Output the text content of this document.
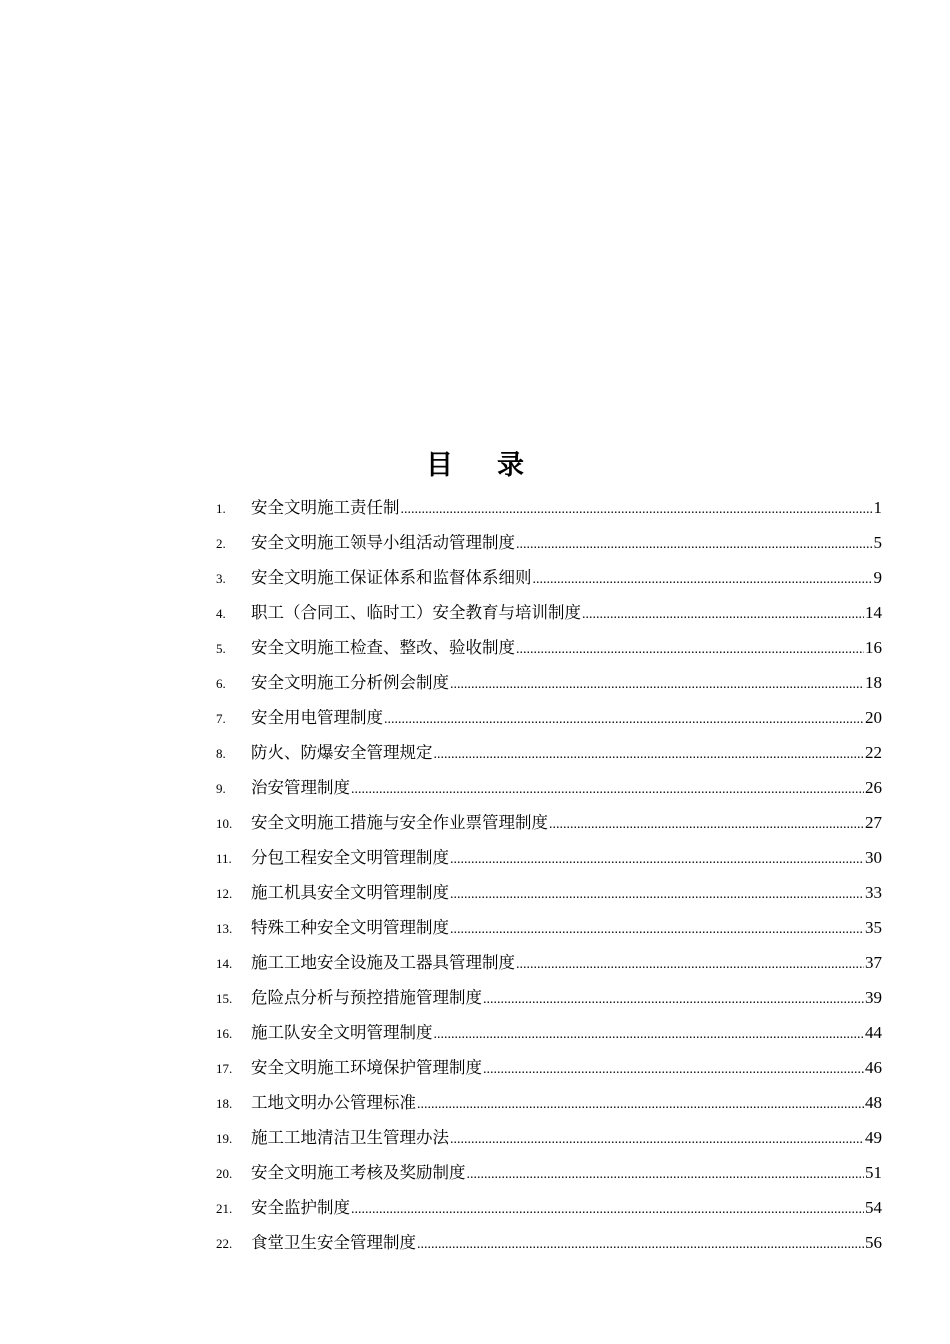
目 录
1.	安全文明施工责任制 .....	1
2.	安全文明施工领导小组活动管理制度 .....	5
3.	安全文明施工保证体系和监督体系细则 .....	9
4.	职工（合同工、临时工）安全教育与培训制度 .....	14
5.	安全文明施工检查、整改、验收制度 .....	16
6.	安全文明施工分析例会制度 .....	18
7.	安全用电管理制度 .....	20
8.	防火、防爆安全管理规定 .....	22
9.	治安管理制度 .....	26
10.	安全文明施工措施与安全作业票管理制度 .....	27
11.	分包工程安全文明管理制度 .....	30
12.	施工机具安全文明管理制度 .....	33
13.	特殊工种安全文明管理制度 .....	35
14.	施工工地安全设施及工器具管理制度 .....	37
15.	危险点分析与预控措施管理制度 .....	39
16.	施工队安全文明管理制度 .....	44
17.	安全文明施工环境保护管理制度 .....	46
18.	工地文明办公管理标准 .....	48
19.	施工工地清洁卫生管理办法 .....	49
20.	安全文明施工考核及奖励制度 .....	51
21.	安全监护制度 .....	54
22.	食堂卫生安全管理制度 .....	56
